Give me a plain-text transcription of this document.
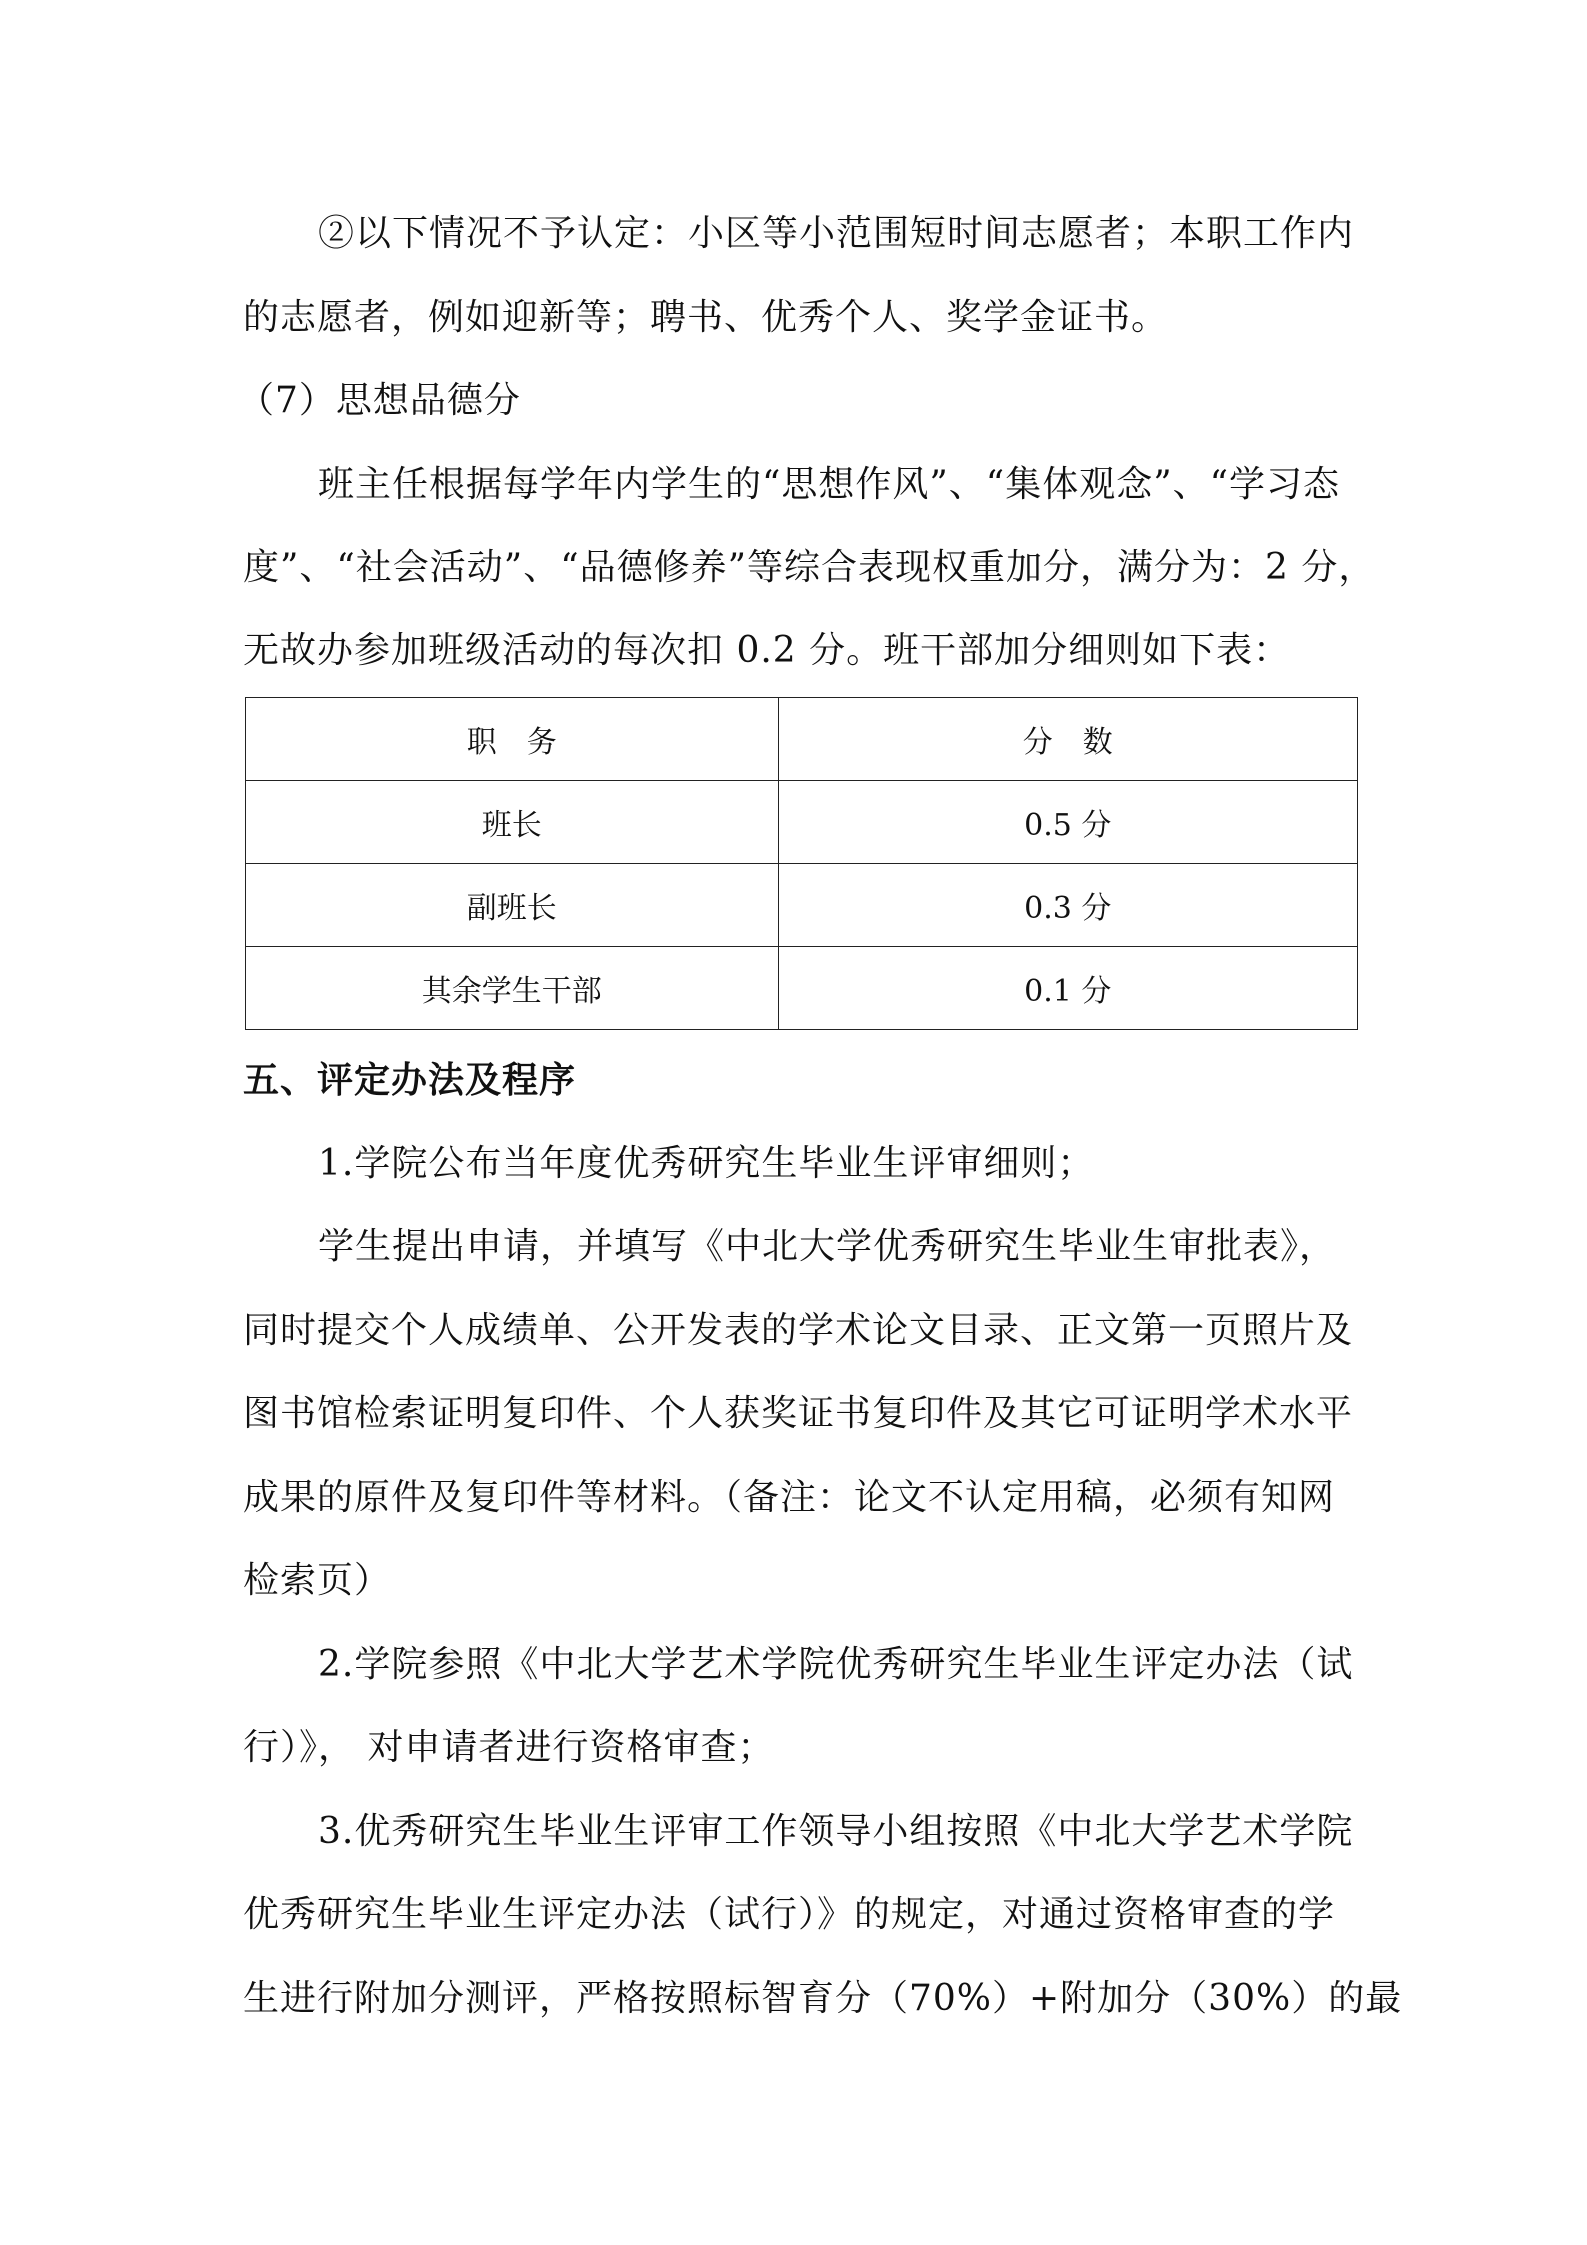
②以下情况不予认定：小区等小范围短时间志愿者；本职工作内
的志愿者，例如迎新等；聘书、优秀个人、奖学金证书。
（7）思想品德分
班主任根据每学年内学生的“思想作风”、“集体观念”、“学习态
度”、“社会活动”、“品德修养”等综合表现权重加分，满分为：2 分，
无故办参加班级活动的每次扣 0.2 分。班干部加分细则如下表：
职　务	分　数
班长	0.5 分
副班长	0.3 分
其余学生干部	0.1 分
五、评定办法及程序
1.学院公布当年度优秀研究生毕业生评审细则；
学生提出申请，并填写《中北大学优秀研究生毕业生审批表》，
同时提交个人成绩单、公开发表的学术论文目录、正文第一页照片及
图书馆检索证明复印件、个人获奖证书复印件及其它可证明学术水平
成果的原件及复印件等材料。（备注：论文不认定用稿，必须有知网
检索页）
2.学院参照《中北大学艺术学院优秀研究生毕业生评定办法（试
行）》， 对申请者进行资格审查；
3.优秀研究生毕业生评审工作领导小组按照《中北大学艺术学院
优秀研究生毕业生评定办法（试行）》的规定，对通过资格审查的学
生进行附加分测评，严格按照标智育分（70%）+附加分（30%）的最
